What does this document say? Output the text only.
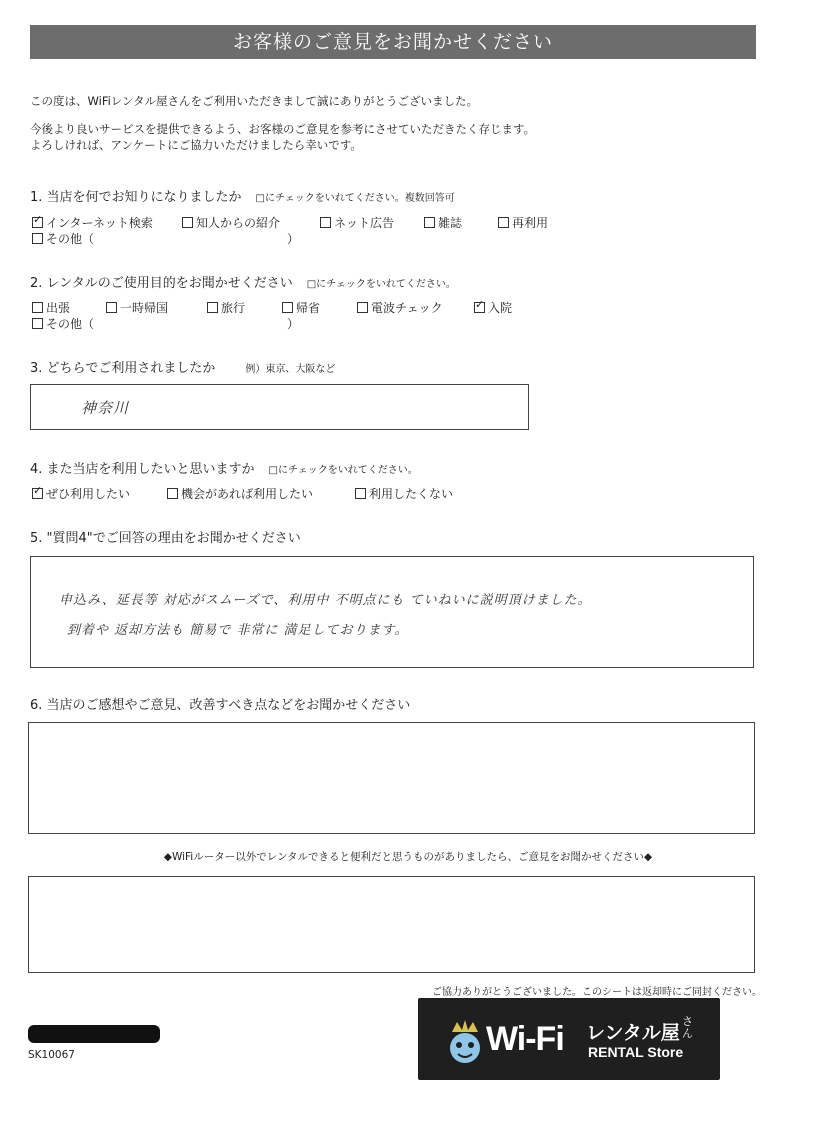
お客様のご意見をお聞かせください
この度は、WiFiレンタル屋さんをご利用いただきまして誠にありがとうございました。
今後より良いサービスを提供できるよう、お客様のご意見を参考にさせていただきたく存じます。
よろしければ、アンケートにご協力いただけましたら幸いです。
1. 当店を何でお知りになりましたか □にチェックをいれてください。複数回答可
✓インターネット検索	知人からの紹介	ネット広告	雑誌	再利用
その他（	）
2. レンタルのご使用目的をお聞かせください □にチェックをいれてください。
出張	一時帰国	旅行	帰省	電波チェック
✓	入院
その他（	）
3. どちらでご利用されましたか	例）東京、大阪など
神奈川
4. また当店を利用したいと思いますか □にチェックをいれてください。
✓ぜひ利用したい	機会があれば利用したい	利用したくない
5. "質問4"でご回答の理由をお聞かせください
申込み、延長等 対応がスムーズで、利用中 不明点にも ていねいに説明頂けました。
到着や 返却方法も 簡易で 非常に 満足しております。
6. 当店のご感想やご意見、改善すべき点などをお聞かせください
◆WiFiルーター以外でレンタルできると便利だと思うものがありましたら、ご意見をお聞かせください◆
ご協力ありがとうございました。このシートは返却時にご同封ください。
SK10067	Wi-Fi レンタル屋
さん
RENTAL Store
